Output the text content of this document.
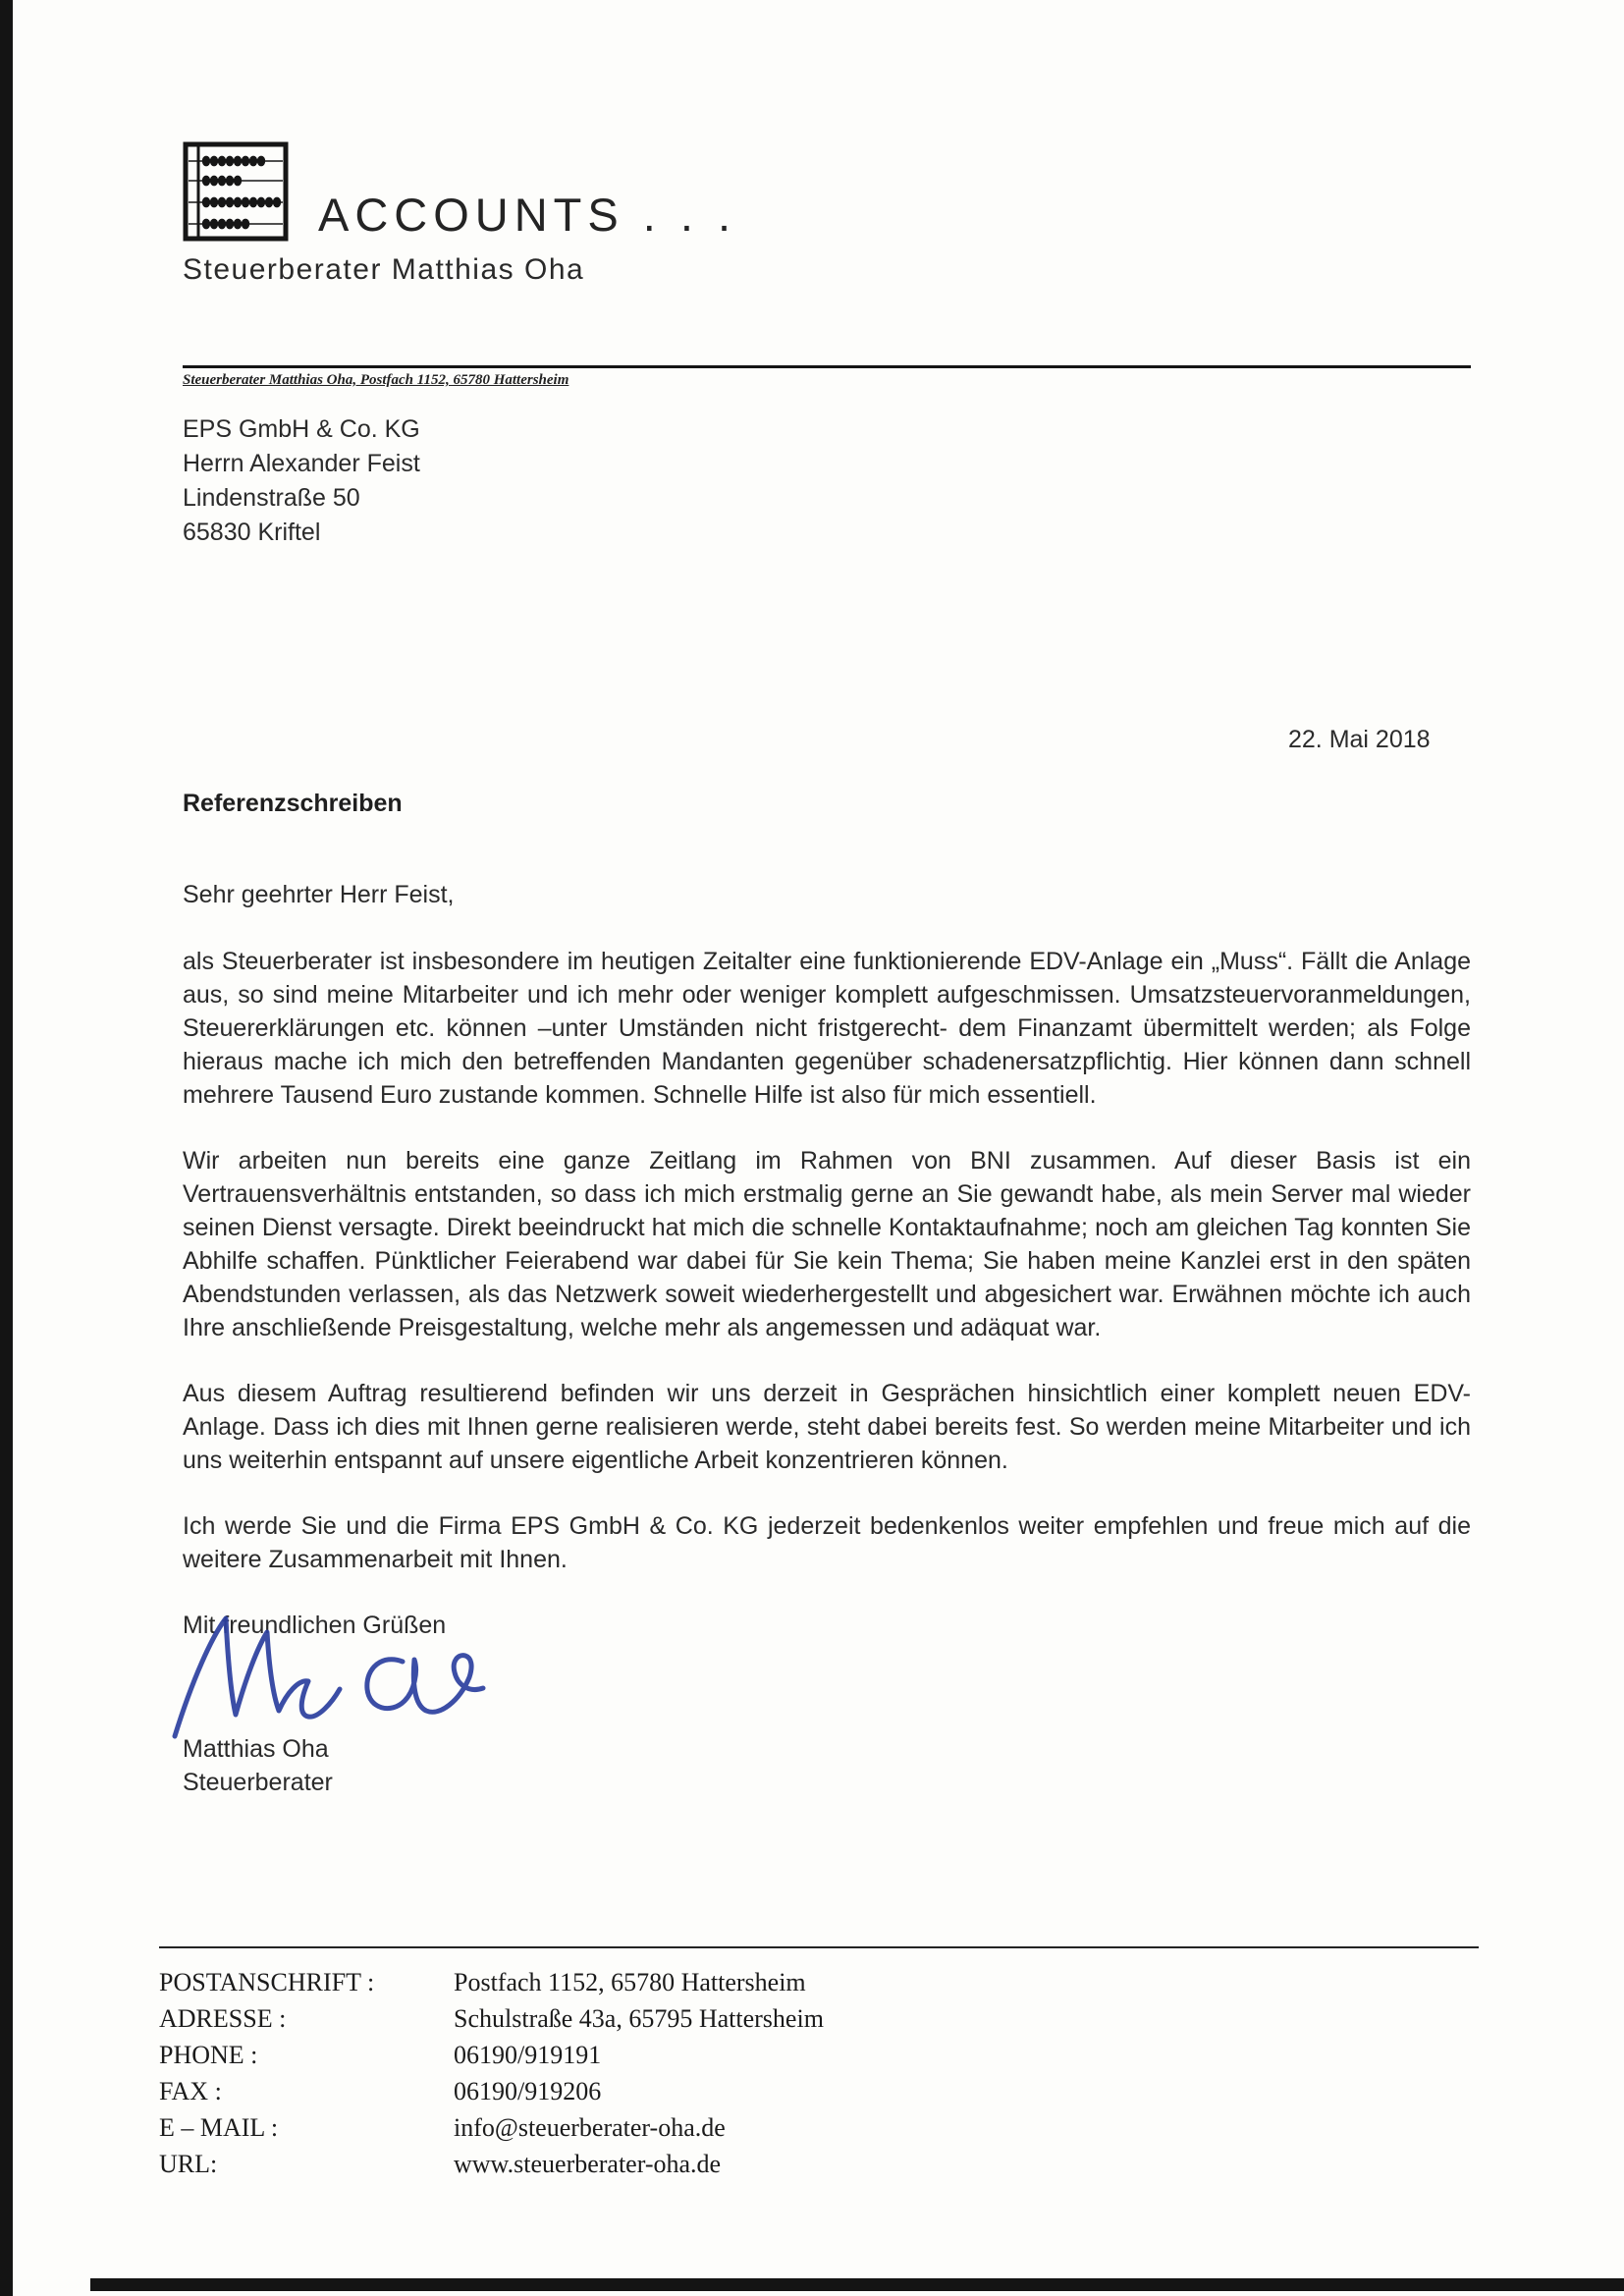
ACCOUNTS . . .
Steuerberater Matthias Oha
Steuerberater Matthias Oha, Postfach 1152, 65780 Hattersheim
EPS GmbH & Co. KG
Herrn Alexander Feist
Lindenstraße 50
65830 Kriftel
22. Mai 2018
Referenzschreiben
Sehr geehrter Herr Feist,

als Steuerberater ist insbesondere im heutigen Zeitalter eine funktionierende EDV-Anlage ein „Muss“. Fällt die Anlage aus, so sind meine Mitarbeiter und ich mehr oder weniger komplett aufgeschmissen. Umsatzsteuervoranmeldungen, Steuererklärungen etc. können –unter Umständen nicht fristgerecht- dem Finanzamt übermittelt werden; als Folge hieraus mache ich mich den betreffenden Mandanten gegenüber schadenersatzpflichtig. Hier können dann schnell mehrere Tausend Euro zustande kommen. Schnelle Hilfe ist also für mich essentiell.

Wir arbeiten nun bereits eine ganze Zeitlang im Rahmen von BNI zusammen. Auf dieser Basis ist ein Vertrauensverhältnis entstanden, so dass ich mich erstmalig gerne an Sie gewandt habe, als mein Server mal wieder seinen Dienst versagte. Direkt beeindruckt hat mich die schnelle Kontaktaufnahme; noch am gleichen Tag konnten Sie Abhilfe schaffen. Pünktlicher Feierabend war dabei für Sie kein Thema; Sie haben meine Kanzlei erst in den späten Abendstunden verlassen, als das Netzwerk soweit wiederhergestellt und abgesichert war. Erwähnen möchte ich auch Ihre anschließende Preisgestaltung, welche mehr als angemessen und adäquat war.

Aus diesem Auftrag resultierend befinden wir uns derzeit in Gesprächen hinsichtlich einer komplett neuen EDV-Anlage. Dass ich dies mit Ihnen gerne realisieren werde, steht dabei bereits fest. So werden meine Mitarbeiter und ich uns weiterhin entspannt auf unsere eigentliche Arbeit konzentrieren können.

Ich werde Sie und die Firma EPS GmbH & Co. KG jederzeit bedenkenlos weiter empfehlen und freue mich auf die weitere Zusammenarbeit mit Ihnen.

Mit freundlichen Grüßen
Matthias Oha
Steuerberater
POSTANSCHRIFT :	Postfach 1152, 65780 Hattersheim
ADRESSE :	Schulstraße 43a, 65795 Hattersheim
PHONE :	06190/919191
FAX :	06190/919206
E – MAIL :	info@steuerberater-oha.de
URL:	www.steuerberater-oha.de
